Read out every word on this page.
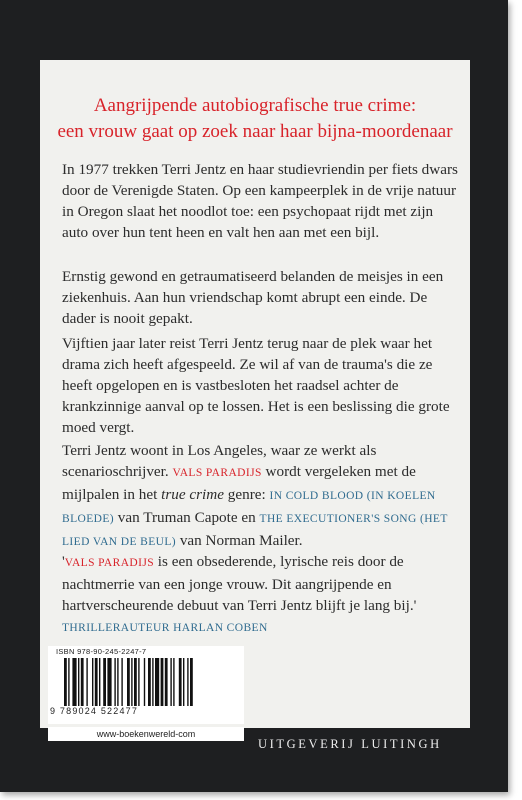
Aangrijpende autobiografische true crime:
een vrouw gaat op zoek naar haar bijna-moordenaar

In 1977 trekken Terri Jentz en haar studievriendin per fiets dwars door de Verenigde Staten. Op een kampeerplek in de vrije natuur in Oregon slaat het noodlot toe: een psychopaat rijdt met zijn auto over hun tent heen en valt hen aan met een bijl.

Ernstig gewond en getraumatiseerd belanden de meisjes in een ziekenhuis. Aan hun vriendschap komt abrupt een einde. De dader is nooit gepakt.

Vijftien jaar later reist Terri Jentz terug naar de plek waar het drama zich heeft afgespeeld. Ze wil af van de trauma's die ze heeft opgelopen en is vastbesloten het raadsel achter de krankzinnige aanval op te lossen. Het is een beslissing die grote moed vergt.

Terri Jentz woont in Los Angeles, waar ze werkt als scenarioschrijver. VALS PARADIJS wordt vergeleken met de mijlpalen in het true crime genre: IN COLD BLOOD (IN KOELEN BLOEDE) van Truman Capote en THE EXECUTIONER'S SONG (HET LIED VAN DE BEUL) van Norman Mailer.

'VALS PARADIJS is een obsederende, lyrische reis door de nachtmerrie van een jonge vrouw. Dit aangrijpende en hartverscheurende debuut van Terri Jentz blijft je lang bij.' THRILLERAUTEUR HARLAN COBEN

ISBN 978-90-245-2247-7
9 789024 522477
www-boekenwereld-com
UITGEVERIJ LUITINGH
